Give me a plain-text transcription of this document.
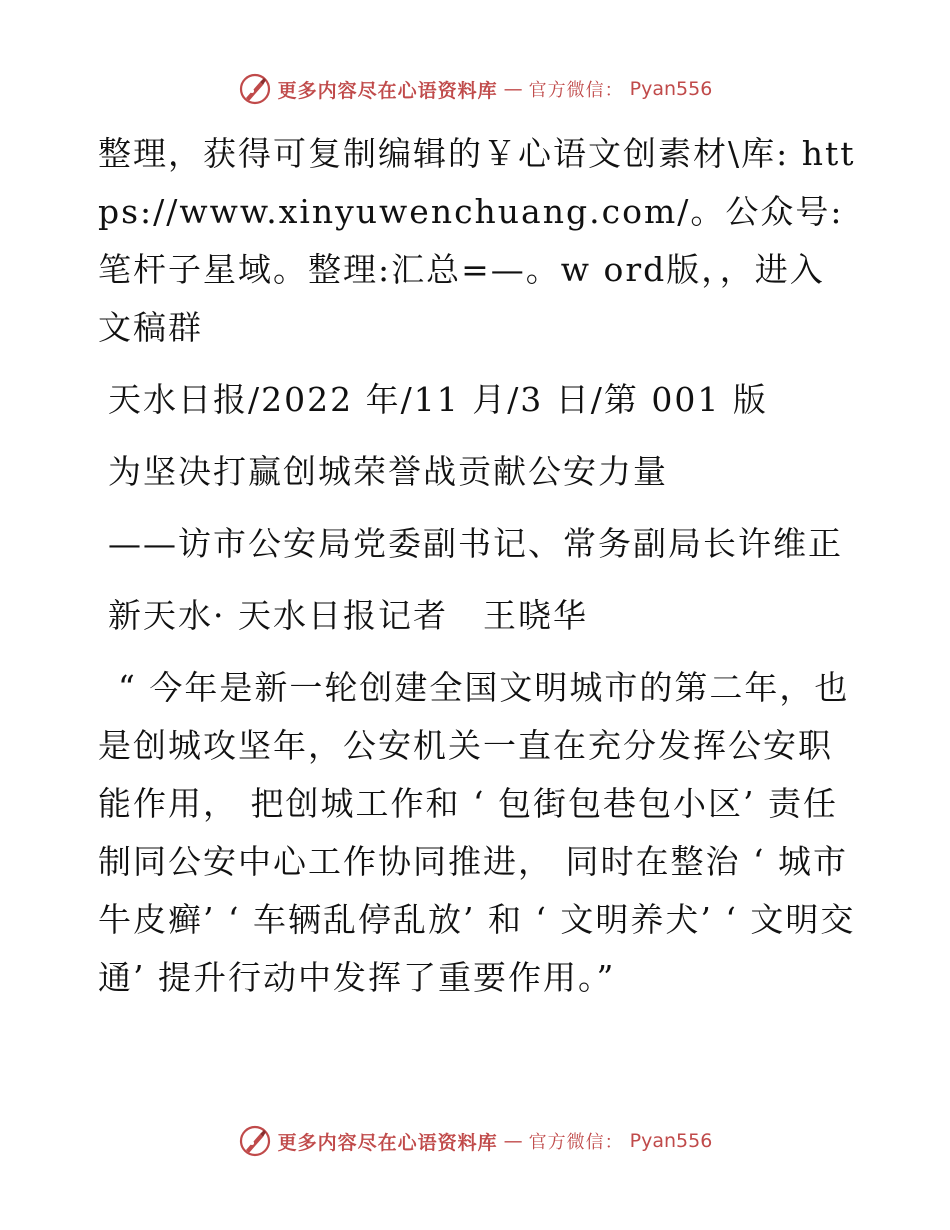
更多内容尽在心语资料库 — 官方微信： Pyan556

整理，获得可复制编辑的￥心语文创素材\库: https://www.xinyuwenchuang.com/。公众号: 笔杆子星域。整理:汇总=—。w ord版，，进入文稿群

天水日报/2022 年/11 月/3 日/第 001 版

为坚决打赢创城荣誉战贡献公安力量

——访市公安局党委副书记、常务副局长许维正

新天水· 天水日报记者　王晓华

“ 今年是新一轮创建全国文明城市的第二年，也是创城攻坚年，公安机关一直在充分发挥公安职能作用， 把创城工作和 ‘ 包街包巷包小区’ 责任制同公安中心工作协同推进， 同时在整治 ‘ 城市牛皮癣’ ‘ 车辆乱停乱放’ 和 ‘ 文明养犬’ ‘ 文明交通’ 提升行动中发挥了重要作用。”

更多内容尽在心语资料库 — 官方微信： Pyan556
